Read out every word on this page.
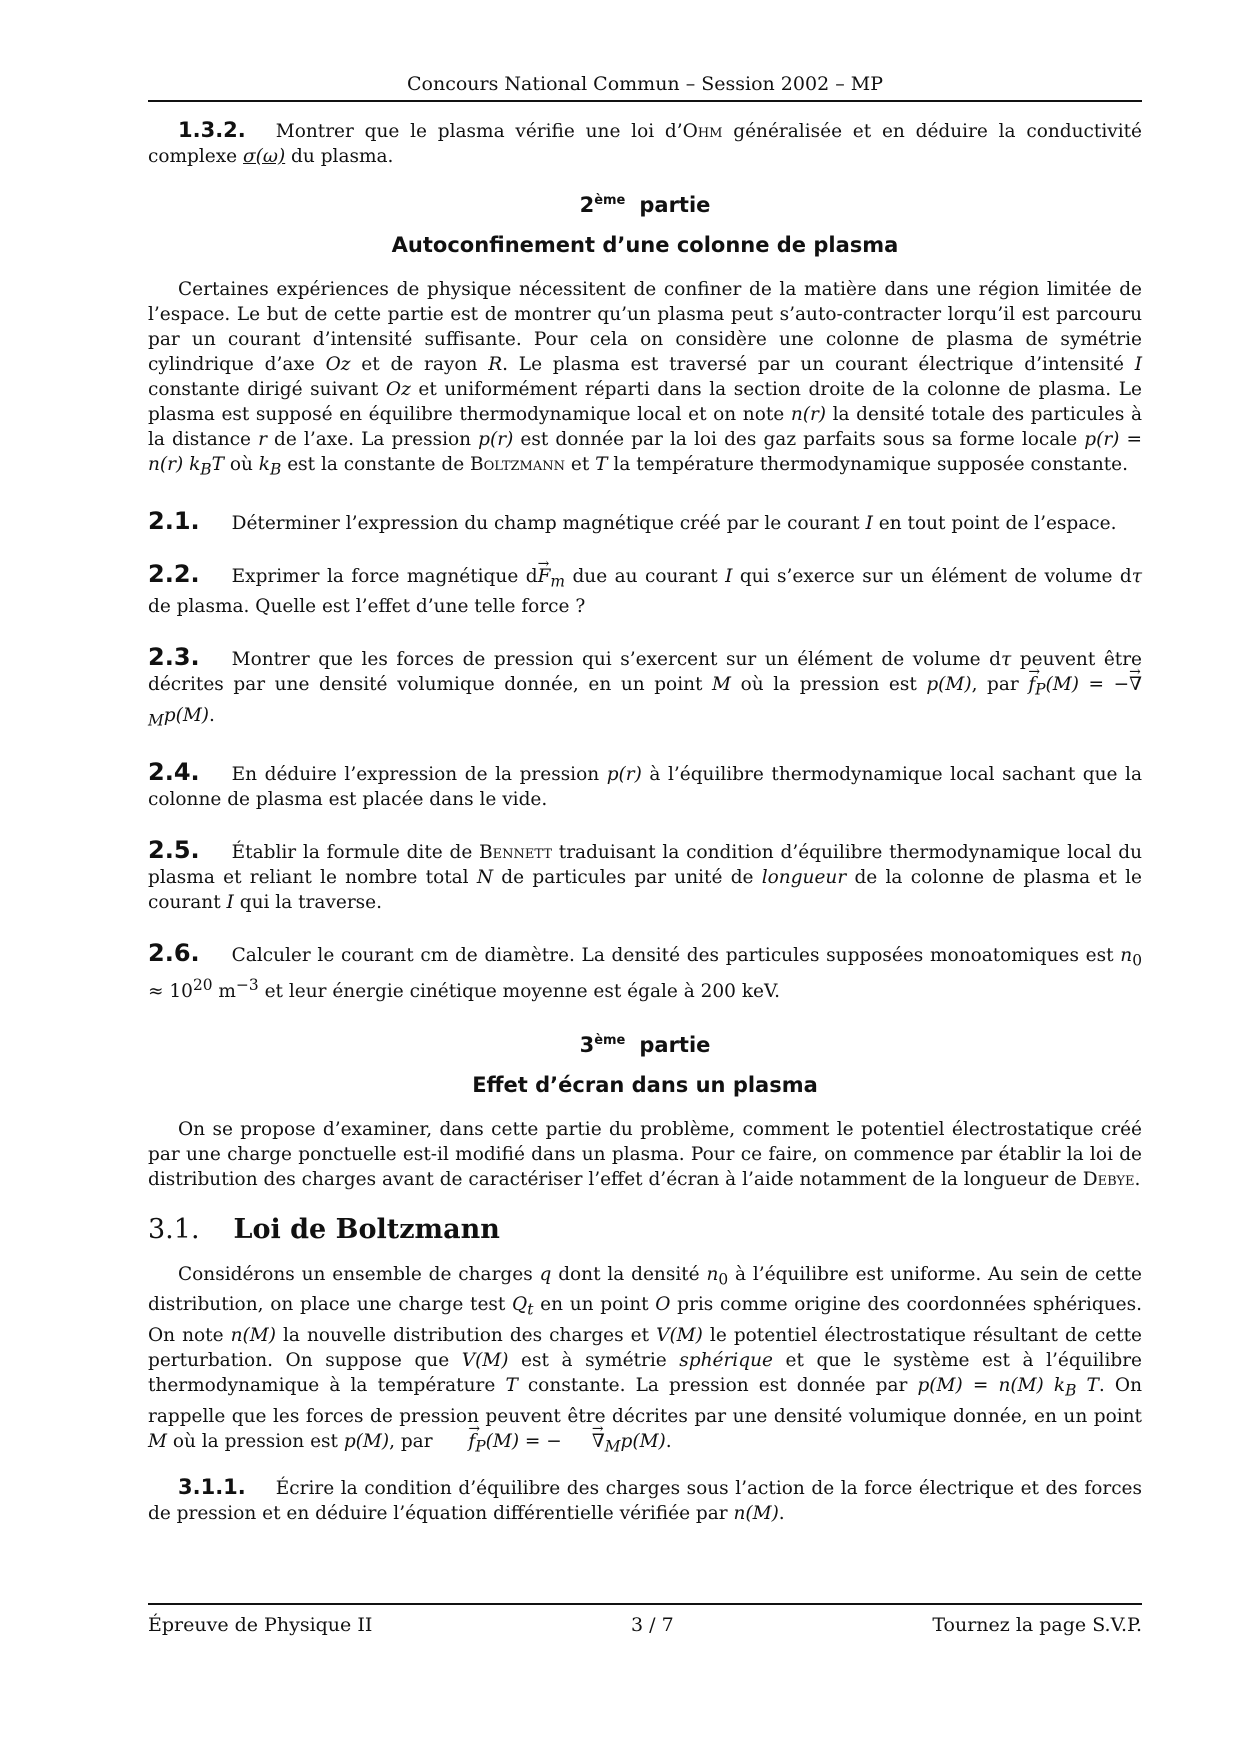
Concours National Commun – Session 2002 – MP
1.3.2. Montrer que le plasma vérifie une loi d’Ohm généralisée et en déduire la conductivité complexe σ(ω) du plasma.
2ème partie
Autoconfinement d’une colonne de plasma
Certaines expériences de physique nécessitent de confiner de la matière dans une région limitée de l’espace. Le but de cette partie est de montrer qu’un plasma peut s’auto-contracter lorqu’il est parcouru par un courant d’intensité suffisante. Pour cela on considère une colonne de plasma de symétrie cylindrique d’axe Oz et de rayon R. Le plasma est traversé par un courant électrique d’intensité I constante dirigé suivant Oz et uniformément réparti dans la section droite de la colonne de plasma. Le plasma est supposé en équilibre thermodynamique local et on note n(r) la densité totale des particules à la distance r de l’axe. La pression p(r) est donnée par la loi des gaz parfaits sous sa forme locale p(r) = n(r) $k_BT$ où $k_B$ est la constante de Boltzmann et T la température thermodynamique supposée constante.
2.1. Déterminer l’expression du champ magnétique créé par le courant I en tout point de l’espace.
2.2. Exprimer la force magnétique $d\to F_m$ due au courant I qui s’exerce sur un élément de volume dτ de plasma. Quelle est l’effet d’une telle force ?
2.3. Montrer que les forces de pression qui s’exercent sur un élément de volume dτ peuvent être décrites par une densité volumique donnée, en un point M où la pression est p(M), par → $f_P(M)$ = −→ $\nabla_Mp(M)$.
2.4. En déduire l’expression de la pression p(r) à l’équilibre thermodynamique local sachant que la colonne de plasma est placée dans le vide.
2.5. Établir la formule dite de Bennett traduisant la condition d’équilibre thermodynamique local du plasma et reliant le nombre total N de particules par unité de longueur de la colonne de plasma et le courant I qui la traverse.
2.6. Calculer le courant cm de diamètre. La densité des particules supposées monoatomiques est $n_0 \approx 10^{20}$ $m^{-3}$ et leur énergie cinétique moyenne est égale à 200 keV.
3ème partie
Effet d’écran dans un plasma
On se propose d’examiner, dans cette partie du problème, comment le potentiel électrostatique créé par une charge ponctuelle est-il modifié dans un plasma. Pour ce faire, on commence par établir la loi de distribution des charges avant de caractériser l’effet d’écran à l’aide notamment de la longueur de Debye.
3.1. Loi de Boltzmann
Considérons un ensemble de charges q dont la densité $n_0$ à l’équilibre est uniforme. Au sein de cette distribution, on place une charge test $Q_t$ en un point O pris comme origine des coordonnées sphériques. On note n(M) la nouvelle distribution des charges et V(M) le potentiel électrostatique résultant de cette perturbation. On suppose que V(M) est à symétrie sphérique et que le système est à l’équilibre thermodynamique à la température T constante. La pression est donnée par p(M) = n(M) $k_B$ T. On rappelle que les forces de pression peuvent être décrites par une densité volumique donnée, en un point M où la pression est p(M), par → $f_P(M)$ = −→ $\nabla_Mp(M)$.
3.1.1. Écrire la condition d’équilibre des charges sous l’action de la force électrique et des forces de pression et en déduire l’équation différentielle vérifiée par n(M).
Épreuve de Physique II	3 / 7	Tournez la page S.V.P.
